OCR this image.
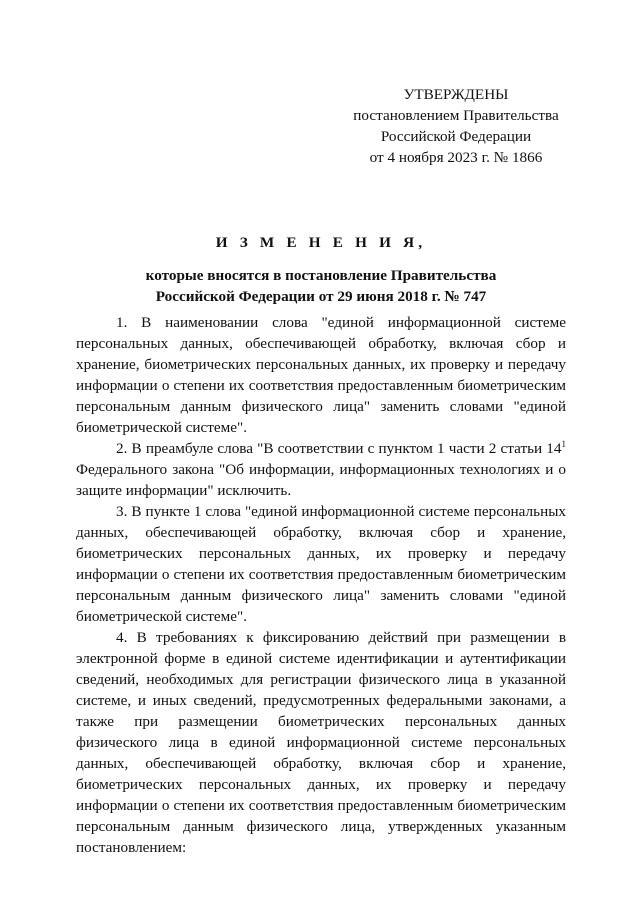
УТВЕРЖДЕНЫ
постановлением Правительства
Российской Федерации
от 4 ноября 2023 г. № 1866
И З М Е Н Е Н И Я,
которые вносятся в постановление Правительства
Российской Федерации от 29 июня 2018 г. № 747

1. В наименовании слова "единой информационной системе персональных данных, обеспечивающей обработку, включая сбор и хранение, биометрических персональных данных, их проверку и передачу информации о степени их соответствия предоставленным биометрическим персональным данным физического лица" заменить словами "единой биометрической системе".

2. В преамбуле слова "В соответствии с пунктом 1 части 2 статьи $14^1$ Федерального закона "Об информации, информационных технологиях и о защите информации" исключить.

3. В пункте 1 слова "единой информационной системе персональных данных, обеспечивающей обработку, включая сбор и хранение, биометрических персональных данных, их проверку и передачу информации о степени их соответствия предоставленным биометрическим персональным данным физического лица" заменить словами "единой биометрической системе".

4. В требованиях к фиксированию действий при размещении в электронной форме в единой системе идентификации и аутентификации сведений, необходимых для регистрации физического лица в указанной системе, и иных сведений, предусмотренных федеральными законами, а также при размещении биометрических персональных данных физического лица в единой информационной системе персональных данных, обеспечивающей обработку, включая сбор и хранение, биометрических персональных данных, их проверку и передачу информации о степени их соответствия предоставленным биометрическим персональным данным физического лица, утвержденных указанным постановлением:
